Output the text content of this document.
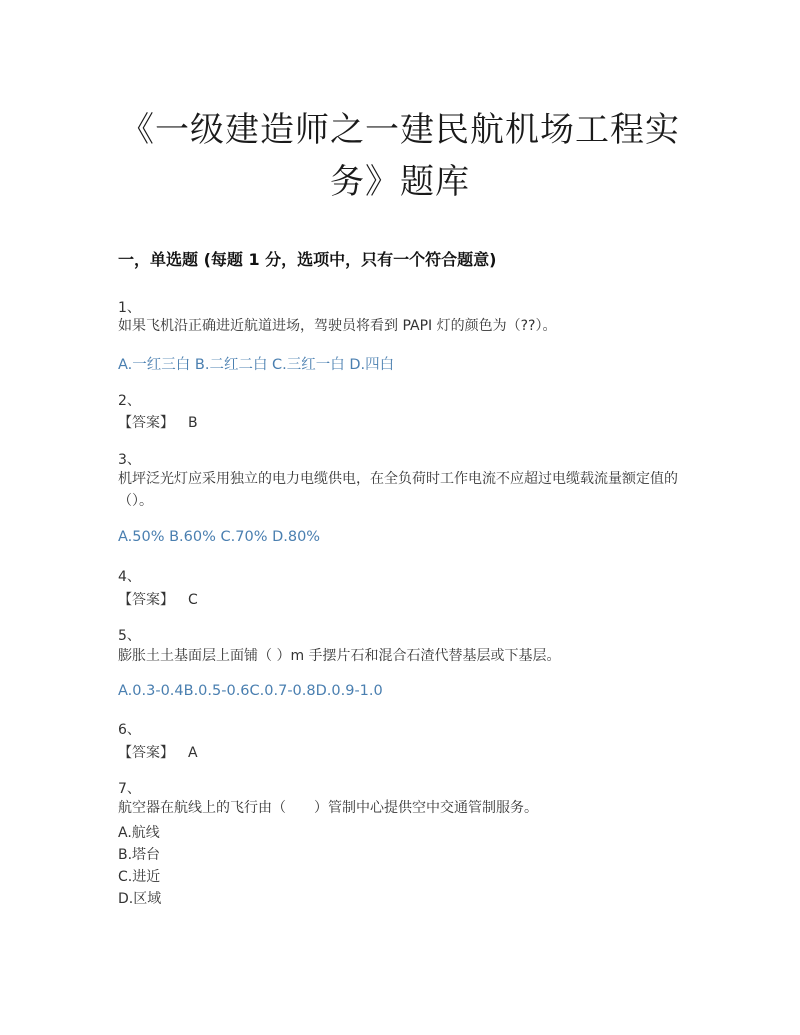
《一级建造师之一建民航机场工程实
务》题库
一，单选题 (每题 1 分，选项中，只有一个符合题意)
1、
如果飞机沿正确进近航道进场，驾驶员将看到 PAPI 灯的颜色为（??）。
A.一红三白 B.二红二白 C.三红一白 D.四白
2、
【答案】 B
3、
机坪泛光灯应采用独立的电力电缆供电，在全负荷时工作电流不应超过电缆载流量额定值的（）。
A.50% B.60% C.70% D.80%
4、
【答案】 C
5、
膨胀土土基面层上面铺（ ）m 手摆片石和混合石渣代替基层或下基层。
A.0.3-0.4B.0.5-0.6C.0.7-0.8D.0.9-1.0
6、
【答案】 A
7、
航空器在航线上的飞行由（　　）管制中心提供空中交通管制服务。
A.航线
B.塔台
C.进近
D.区域
